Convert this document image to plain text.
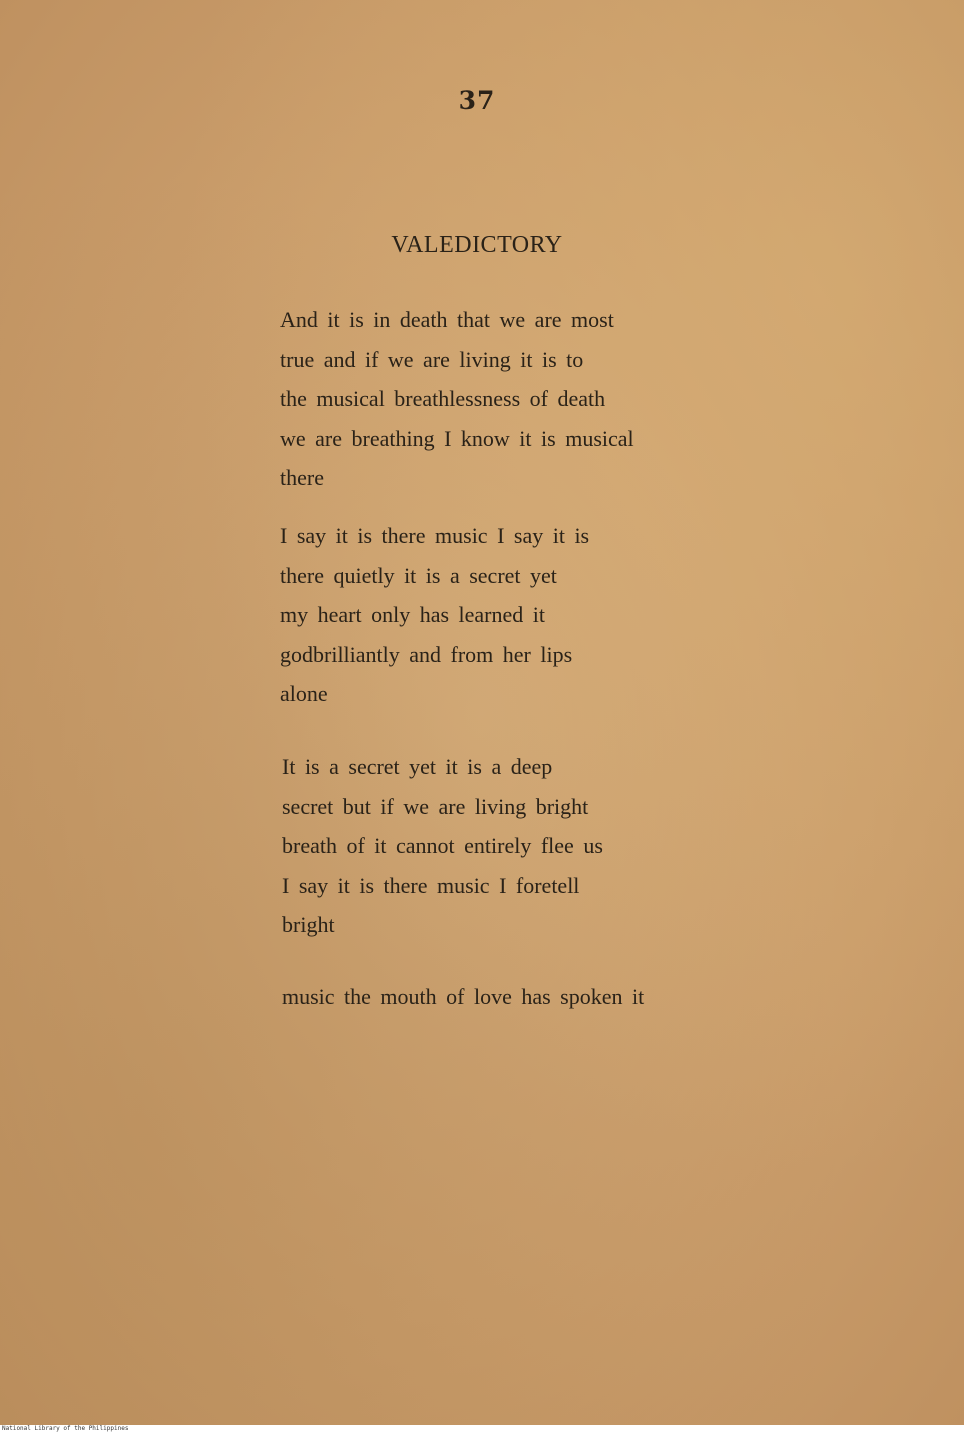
37
VALEDICTORY
And it is in death that we are most
true and if we are living it is to
the musical breathlessness of death
we are breathing I know it is musical
there
I say it is there music I say it is
there quietly it is a secret yet
my heart only has learned it
godbrilliantly and from her lips
alone
It is a secret yet it is a deep
secret but if we are living bright
breath of it cannot entirely flee us
I say it is there music I foretell
bright
music the mouth of love has spoken it
National Library of the Philippines
